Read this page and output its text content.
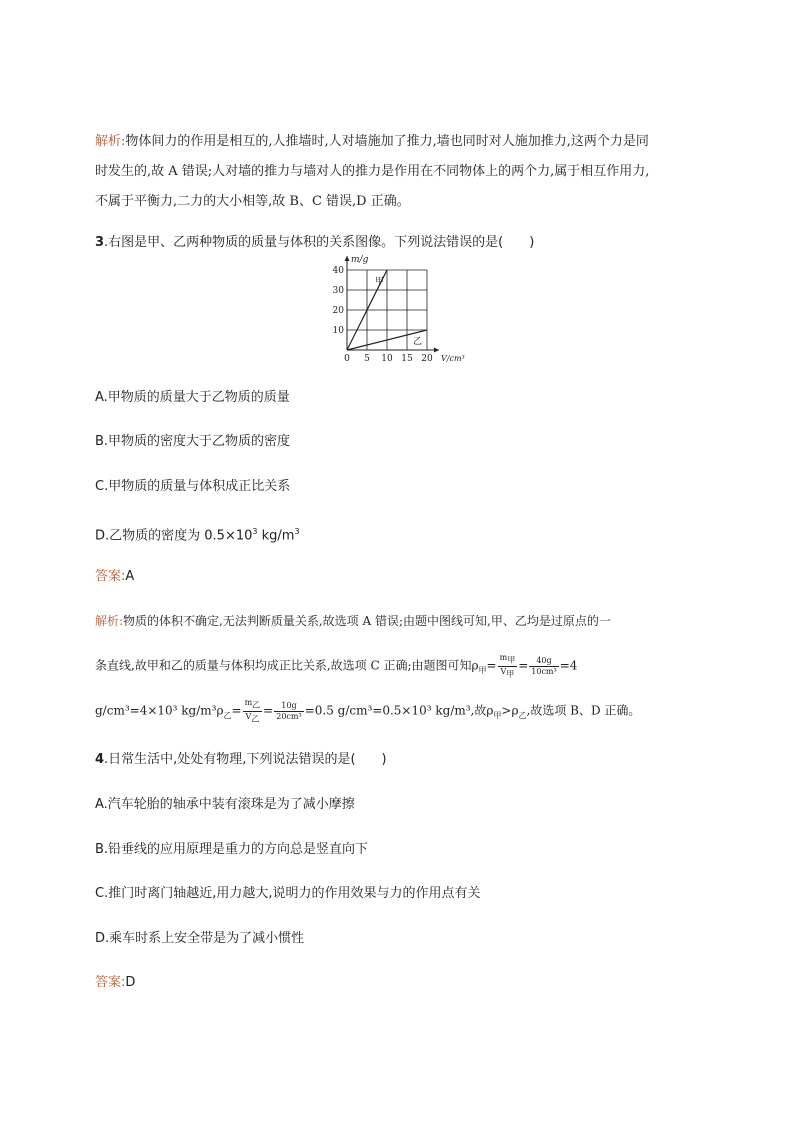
解析:物体间力的作用是相互的,人推墙时,人对墙施加了推力,墙也同时对人施加推力,这两个力是同
时发生的,故 A 错误;人对墙的推力与墙对人的推力是作用在不同物体上的两个力,属于相互作用力,
不属于平衡力,二力的大小相等,故 B、C 错误,D 正确。
3.右图是甲、乙两种物质的质量与体积的关系图像。下列说法错误的是(　　)
0 5 10 15 20
10
20
30
40
m/g
V/cm³
甲
乙
A.甲物质的质量大于乙物质的质量
B.甲物质的密度大于乙物质的密度
C.甲物质的质量与体积成正比关系
D.乙物质的密度为 $0.5\times 10^3$ $kg/m^3$
答案:A
解析:物质的体积不确定,无法判断质量关系,故选项 A 错误;由题中图线可知,甲、乙均是过原点的一
条直线,故甲和乙的质量与体积均成正比关系,故选项 C 正确;由题图可知$\rho_甲= \frac{m_甲}{V_甲} = \frac{40g}{\text{10cm³}} =4$
g/cm³=4×10³ $kg/m^3\rho_乙= \frac{m_乙}{V_乙} = \frac{10g}{\text{20cm³}} =0.5$ g/cm³=0.5×10³ kg/m³,故$\rho_甲>\rho_乙$,故选项 B、D 正确。
4.日常生活中,处处有物理,下列说法错误的是(　　)
A.汽车轮胎的轴承中装有滚珠是为了减小摩擦
B.铅垂线的应用原理是重力的方向总是竖直向下
C.推门时离门轴越近,用力越大,说明力的作用效果与力的作用点有关
D.乘车时系上安全带是为了减小惯性
答案:D
